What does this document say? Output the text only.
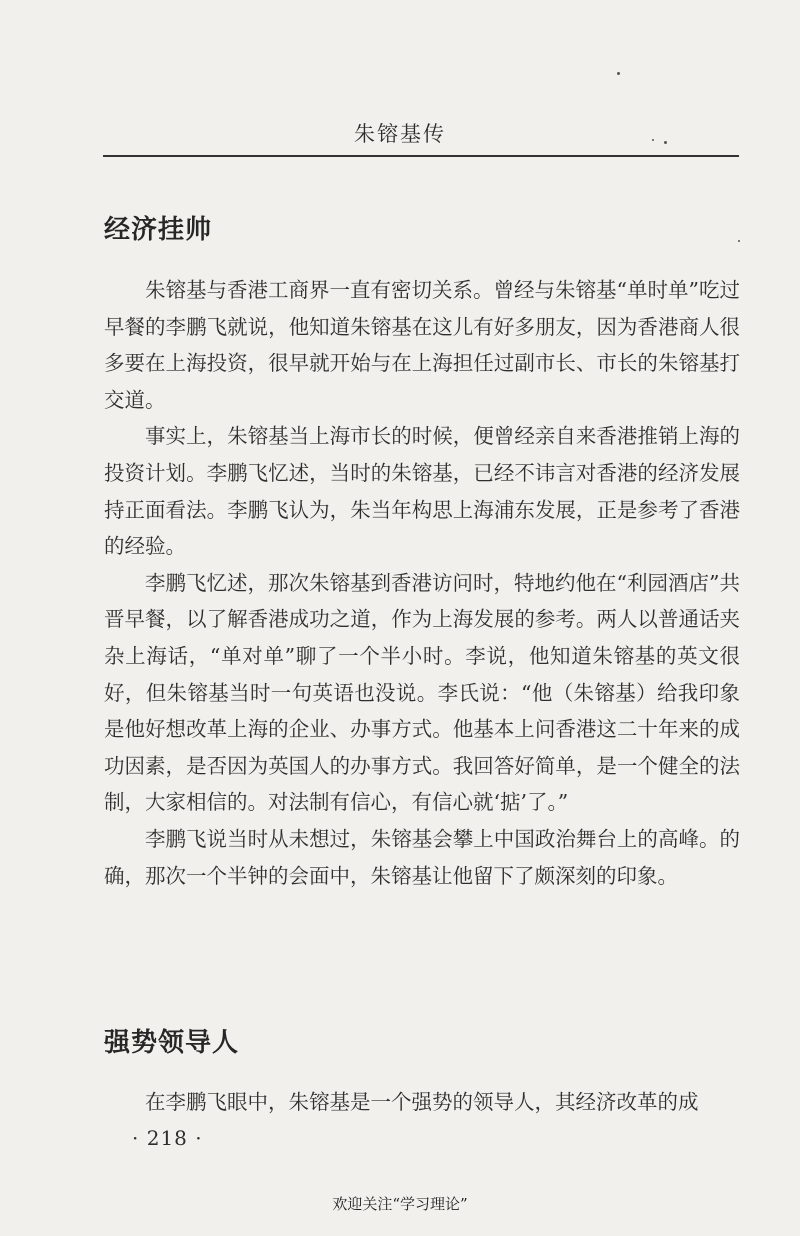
朱镕基传
经济挂帅

朱镕基与香港工商界一直有密切关系。曾经与朱镕基“单时单”吃过早餐的李鹏飞就说，他知道朱镕基在这儿有好多朋友，因为香港商人很多要在上海投资，很早就开始与在上海担任过副市长、市长的朱镕基打交道。

事实上，朱镕基当上海市长的时候，便曾经亲自来香港推销上海的投资计划。李鹏飞忆述，当时的朱镕基，已经不讳言对香港的经济发展持正面看法。李鹏飞认为，朱当年构思上海浦东发展，正是参考了香港的经验。

李鹏飞忆述，那次朱镕基到香港访问时，特地约他在“利园酒店”共晋早餐，以了解香港成功之道，作为上海发展的参考。两人以普通话夹杂上海话，“单对单”聊了一个半小时。李说，他知道朱镕基的英文很好，但朱镕基当时一句英语也没说。李氏说：“他（朱镕基）给我印象是他好想改革上海的企业、办事方式。他基本上问香港这二十年来的成功因素，是否因为英国人的办事方式。我回答好简单，是一个健全的法制，大家相信的。对法制有信心，有信心就‘掂’了。”

李鹏飞说当时从未想过，朱镕基会攀上中国政治舞台上的高峰。的确，那次一个半钟的会面中，朱镕基让他留下了颇深刻的印象。

强势领导人

在李鹏飞眼中，朱镕基是一个强势的领导人，其经济改革的成

· 218 ·
欢迎关注“学习理论”
